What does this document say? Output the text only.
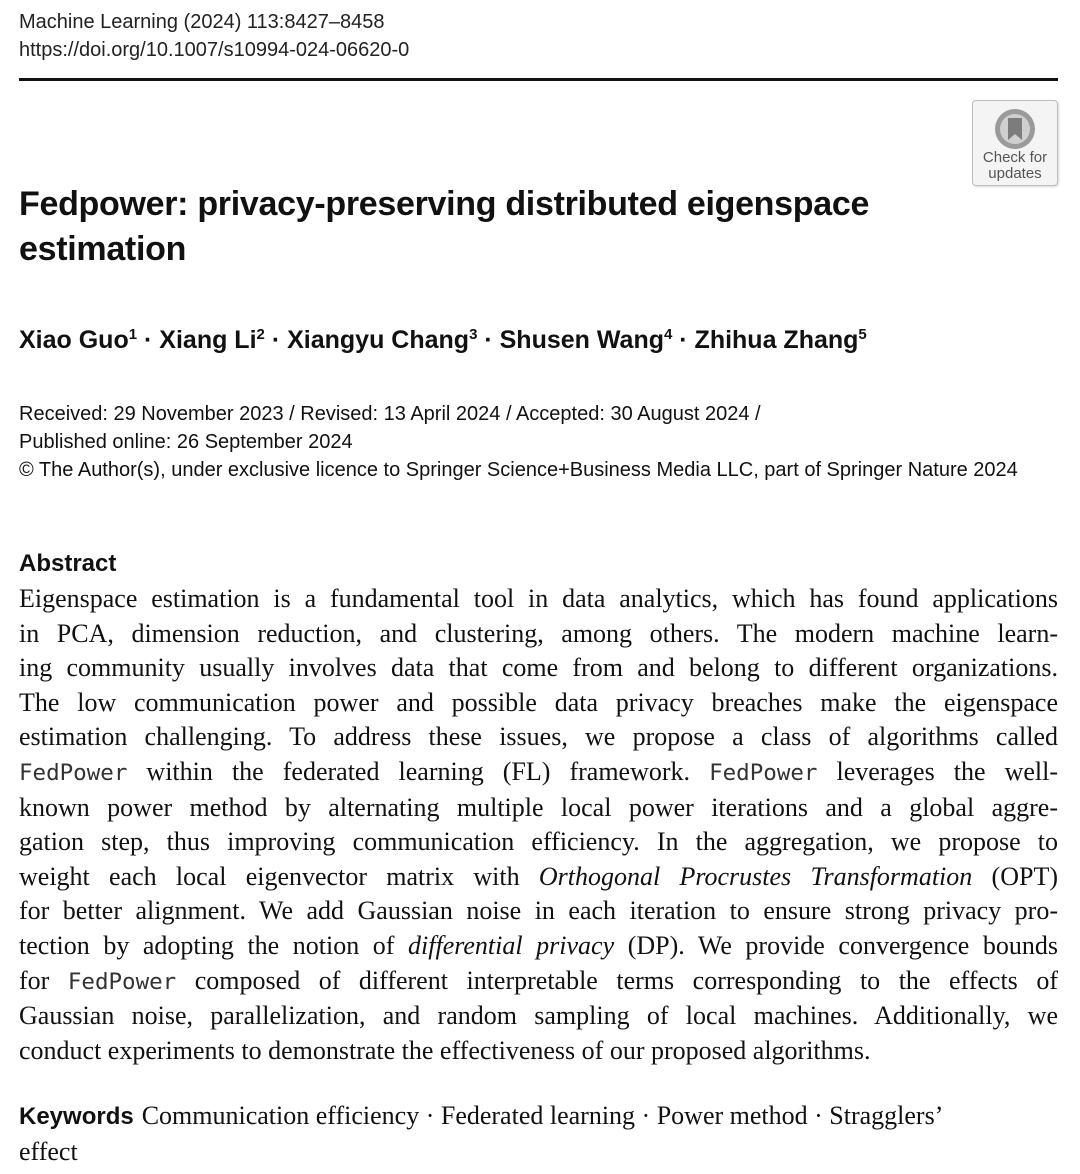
Machine Learning (2024) 113:8427–8458
https://doi.org/10.1007/s10994-024-06620-0
Check for
updates
Fedpower: privacy-preserving distributed eigenspace
estimation
Xiao Guo$^1$ · Xiang $Li^2$ · Xiangyu Chang$^3$ · Shusen Wang$^4$ · Zhihua Zhang$^5$
Received: 29 November 2023 / Revised: 13 April 2024 / Accepted: 30 August 2024 /
Published online: 26 September 2024
© The Author(s), under exclusive licence to Springer Science+Business Media LLC, part of Springer Nature 2024
Abstract
Eigenspace estimation is a fundamental tool in data analytics, which has found applications
in PCA, dimension reduction, and clustering, among others. The modern machine learn-
ing community usually involves data that come from and belong to different organizations.
The low communication power and possible data privacy breaches make the eigenspace
estimation challenging. To address these issues, we propose a class of algorithms called
FedPower within the federated learning (FL) framework. FedPower leverages the well-
known power method by alternating multiple local power iterations and a global aggre-
gation step, thus improving communication efficiency. In the aggregation, we propose to
weight each local eigenvector matrix with Orthogonal Procrustes Transformation (OPT)
for better alignment. We add Gaussian noise in each iteration to ensure strong privacy pro-
tection by adopting the notion of differential privacy (DP). We provide convergence bounds
for FedPower composed of different interpretable terms corresponding to the effects of
Gaussian noise, parallelization, and random sampling of local machines. Additionally, we
conduct experiments to demonstrate the effectiveness of our proposed algorithms.
Keywords Communication efficiency · Federated learning · Power method · Stragglers’
effect
